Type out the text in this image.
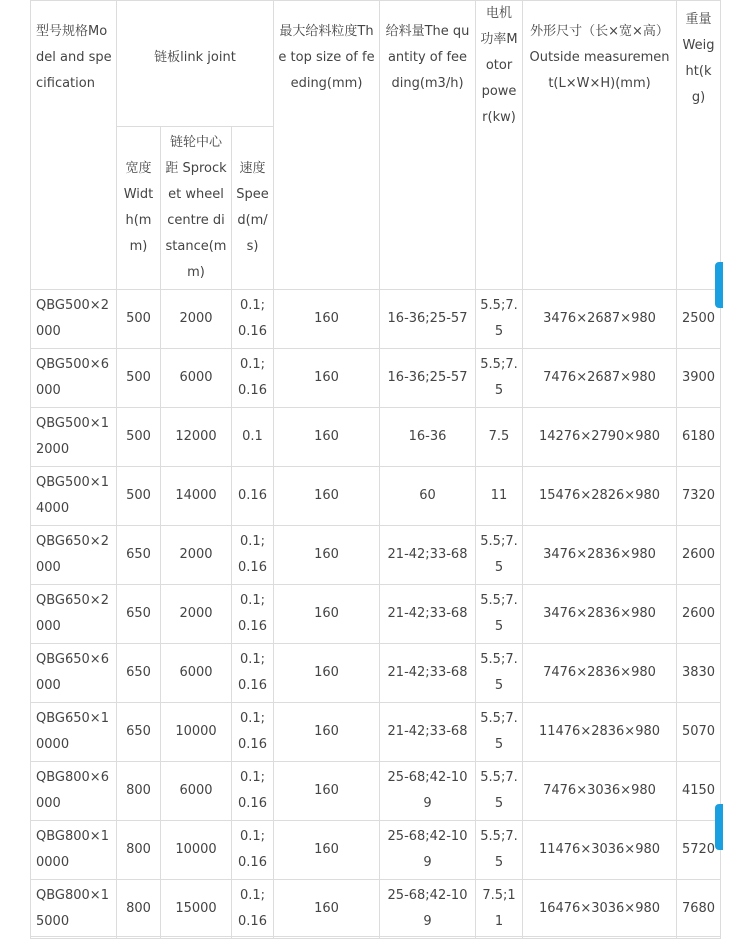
型号规格Model and specification	链板link joint			最大给料粒度The top size of feeding(mm)	给料量The quantity of feeding(m3/h)	电机功率Motor power(kw)	外形尺寸（长×宽×高）Outside measurement(L×W×H)(mm)	重量Weight(kg)
	宽度Width(mm)	链轮中心距 Sprocket wheel centre distance(mm)	速度Speed(m/s)					
QBG500×2000	500	2000	0.1;0.16	160	16-36;25-57	5.5;7.5	3476×2687×980	2500
QBG500×6000	500	6000	0.1;0.16	160	16-36;25-57	5.5;7.5	7476×2687×980	3900
QBG500×12000	500	12000	0.1	160	16-36	7.5	14276×2790×980	6180
QBG500×14000	500	14000	0.16	160	60	11	15476×2826×980	7320
QBG650×2000	650	2000	0.1;0.16	160	21-42;33-68	5.5;7.5	3476×2836×980	2600
QBG650×2000	650	2000	0.1;0.16	160	21-42;33-68	5.5;7.5	3476×2836×980	2600
QBG650×6000	650	6000	0.1;0.16	160	21-42;33-68	5.5;7.5	7476×2836×980	3830
QBG650×10000	650	10000	0.1;0.16	160	21-42;33-68	5.5;7.5	11476×2836×980	5070
QBG800×6000	800	6000	0.1;0.16	160	25-68;42-109	5.5;7.5	7476×3036×980	4150
QBG800×10000	800	10000	0.1;0.16	160	25-68;42-109	5.5;7.5	11476×3036×980	5720
QBG800×15000	800	15000	0.1;0.16	160	25-68;42-109	7.5;11	16476×3036×980	7680
